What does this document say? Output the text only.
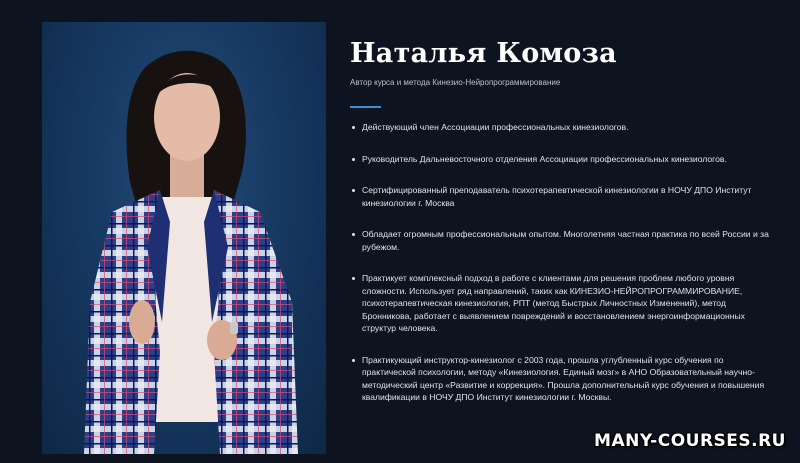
Наталья Комоза
Автор курса и метода Кинезио-Нейропрограммирование
Действующий член Ассоциации профессиональных кинезиологов.
Руководитель Дальневосточного отделения Ассоциации профессиональных кинезиологов.
Сертифицированный преподаватель психотерапевтической кинезиологии в НОЧУ ДПО Институт кинезиологии г. Москва
Обладает огромным профессиональным опытом. Многолетняя частная практика по всей России и за рубежом.
Практикует комплексный подход в работе с клиентами для решения проблем любого уровня сложности. Использует ряд направлений, таких как КИНЕЗИО-НЕЙРОПРОГРАММИРОВАНИЕ, психотерапевтическая кинезиология, РПТ (метод Быстрых Личностных Изменений), метод Бронникова, работает с выявлением повреждений и восстановлением энергоинформационных структур человека.
Практикующий инструктор-кинезиолог с 2003 года, прошла углубленный курс обучения по практической психологии, методу «Кинезиология. Единый мозг» в АНО Образовательный научно-методический центр «Развитие и коррекция». Прошла дополнительный курс обучения и повышения квалификации в НОЧУ ДПО Институт кинезиологии г. Москвы.
MANY-COURSES.RU
